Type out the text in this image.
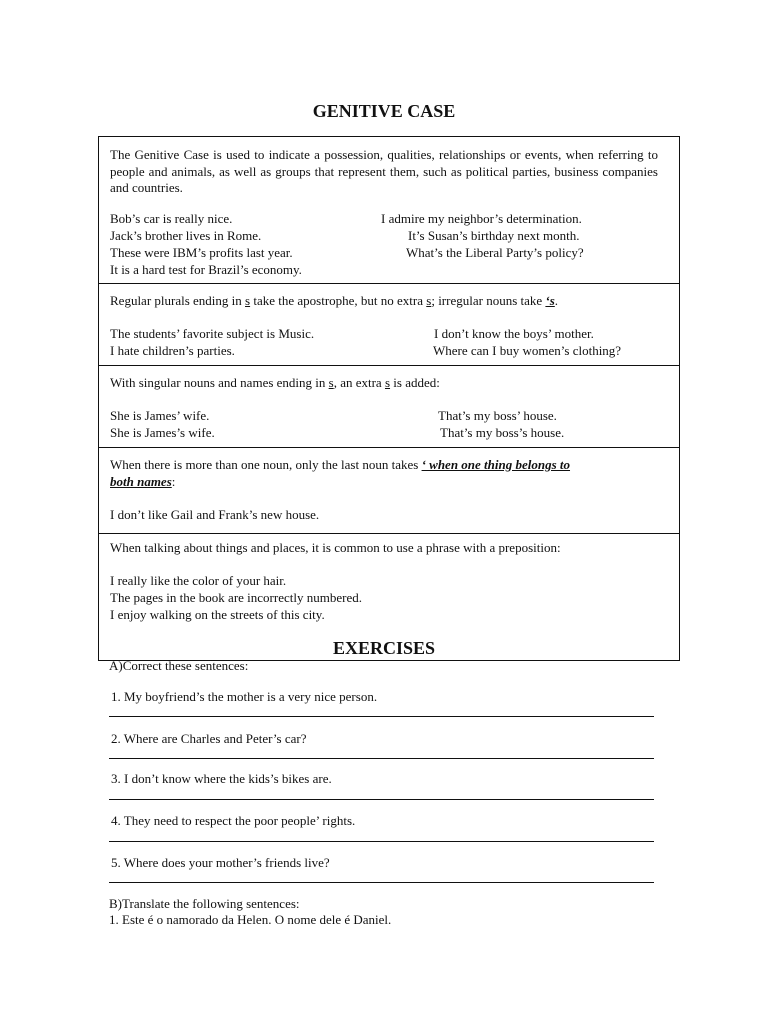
GENITIVE CASE
The Genitive Case is used to indicate a possession, qualities, relationships or events, when referring to people and animals, as well as groups that represent them, such as political parties, business companies and countries.
Bob’s car is really nice.
Jack’s brother lives in Rome.
These were IBM’s profits last year.
It is a hard test for Brazil’s economy.
I admire my neighbor’s determination.
It’s Susan’s birthday next month.
What’s the Liberal Party’s policy?
Regular plurals ending in s take the apostrophe, but no extra s; irregular nouns take ‘s.
The students’ favorite subject is Music.
I hate children’s parties.
I don’t know the boys’ mother.
Where can I buy women’s clothing?
With singular nouns and names ending in s, an extra s is added:
She is James’ wife.
She is James’s wife.
That’s my boss’ house.
That’s my boss’s house.
When there is more than one noun, only the last noun takes ‘ when one thing belongs to
both names:
I don’t like Gail and Frank’s new house.
When talking about things and places, it is common to use a phrase with a preposition:
I really like the color of your hair.
The pages in the book are incorrectly numbered.
I enjoy walking on the streets of this city.
EXERCISES
A)Correct these sentences:
1. My boyfriend’s the mother is a very nice person.
2. Where are Charles and Peter’s car?
3. I don’t know where the kids’s bikes are.
4. They need to respect the poor people’ rights.
5. Where does your mother’s friends live?
B)Translate the following sentences:
1. Este é o namorado da Helen. O nome dele é Daniel.
